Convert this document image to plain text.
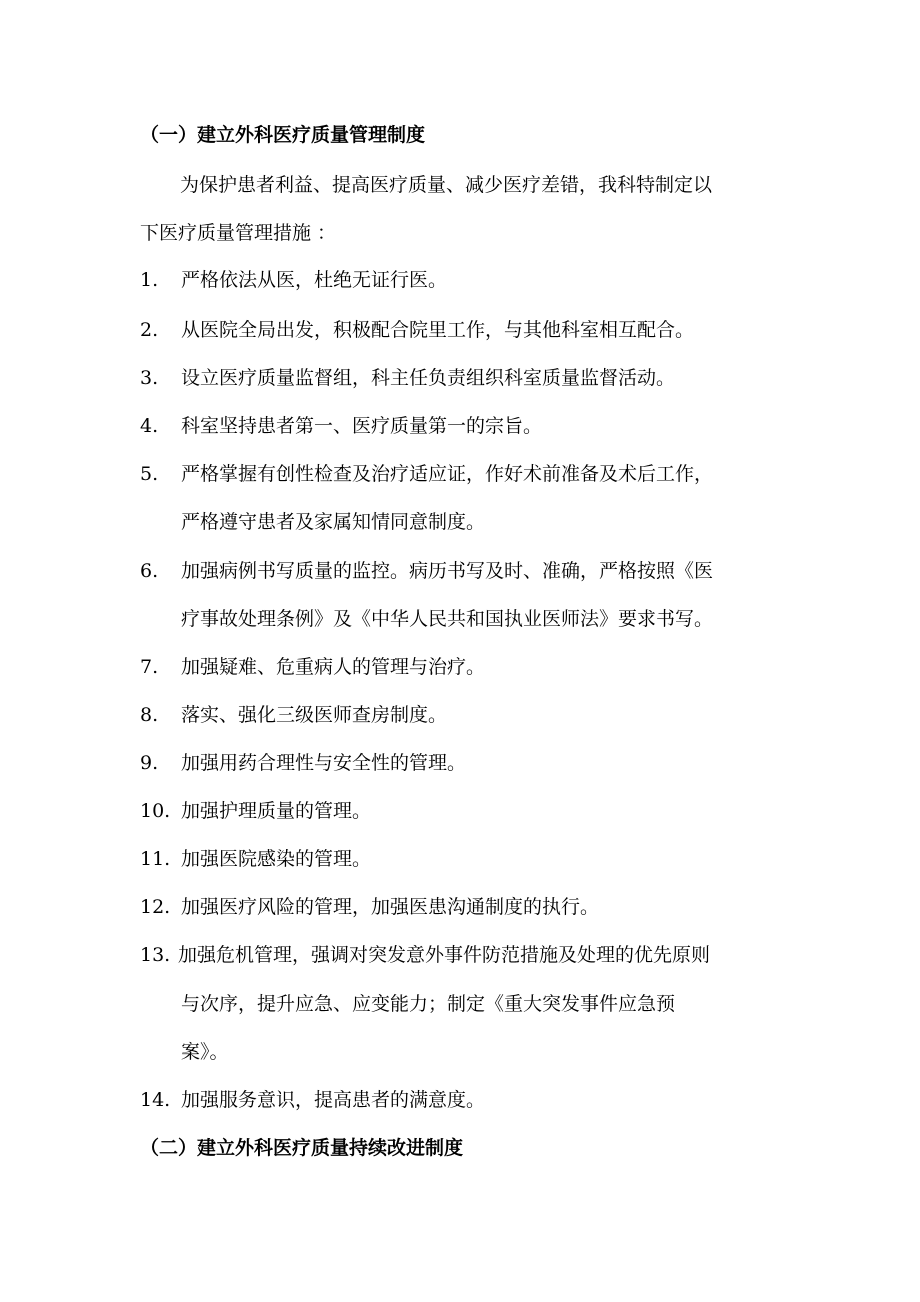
（一）建立外科医疗质量管理制度
为保护患者利益、提高医疗质量、减少医疗差错，我科特制定以
下医疗质量管理措施 ：
1. 严格依法从医，杜绝无证行医。
2. 从医院全局出发，积极配合院里工作，与其他科室相互配合。
3. 设立医疗质量监督组，科主任负责组织科室质量监督活动。
4. 科室坚持患者第一、医疗质量第一的宗旨。
5. 严格掌握有创性检查及治疗适应证，作好术前准备及术后工作，
严格遵守患者及家属知情同意制度。
6. 加强病例书写质量的监控。病历书写及时、准确，严格按照《医
疗事故处理条例》及《中华人民共和国执业医师法》要求书写。
7. 加强疑难、危重病人的管理与治疗。
8. 落实、强化三级医师查房制度。
9. 加强用药合理性与安全性的管理。
10. 加强护理质量的管理。
11. 加强医院感染的管理。
12. 加强医疗风险的管理，加强医患沟通制度的执行。
13. 加强危机管理，强调对突发意外事件防范措施及处理的优先原则
与次序，提升应急、应变能力；制定《重大突发事件应急预
案》。
14. 加强服务意识，提高患者的满意度。
（二）建立外科医疗质量持续改进制度
